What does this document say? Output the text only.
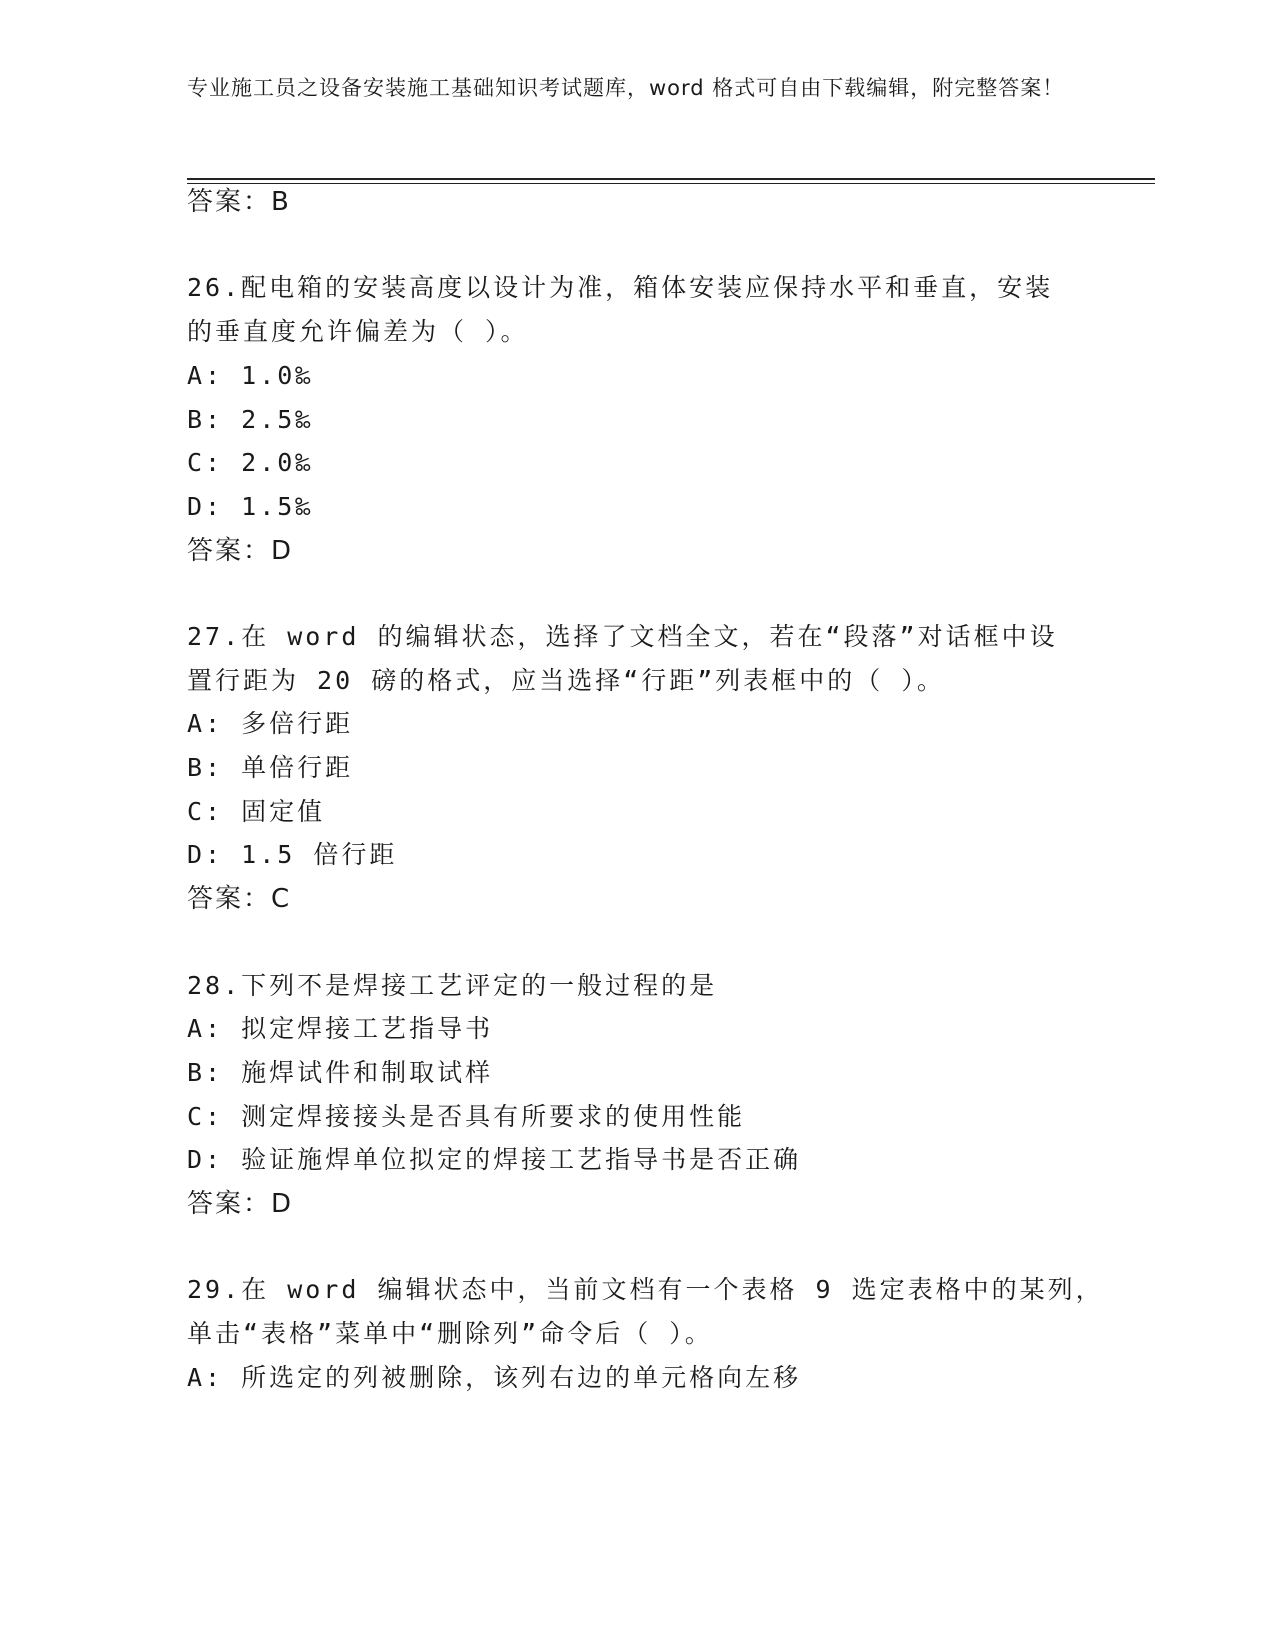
专业施工员之设备安装施工基础知识考试题库，word 格式可自由下载编辑，附完整答案！
答案：B
26.配电箱的安装高度以设计为准，箱体安装应保持水平和垂直，安装
的垂直度允许偏差为（ ）。
A: 1.0‰
B: 2.5‰
C: 2.0‰
D: 1.5‰
答案：D
27.在 word 的编辑状态，选择了文档全文，若在“段落”对话框中设
置行距为 20 磅的格式，应当选择“行距”列表框中的（ ）。
A: 多倍行距
B: 单倍行距
C: 固定值
D: 1.5 倍行距
答案：C
28.下列不是焊接工艺评定的一般过程的是
A: 拟定焊接工艺指导书
B: 施焊试件和制取试样
C: 测定焊接接头是否具有所要求的使用性能
D: 验证施焊单位拟定的焊接工艺指导书是否正确
答案：D
29.在 word 编辑状态中，当前文档有一个表格 9 选定表格中的某列，
单击“表格”菜单中“删除列”命令后（ ）。
A: 所选定的列被删除，该列右边的单元格向左移
